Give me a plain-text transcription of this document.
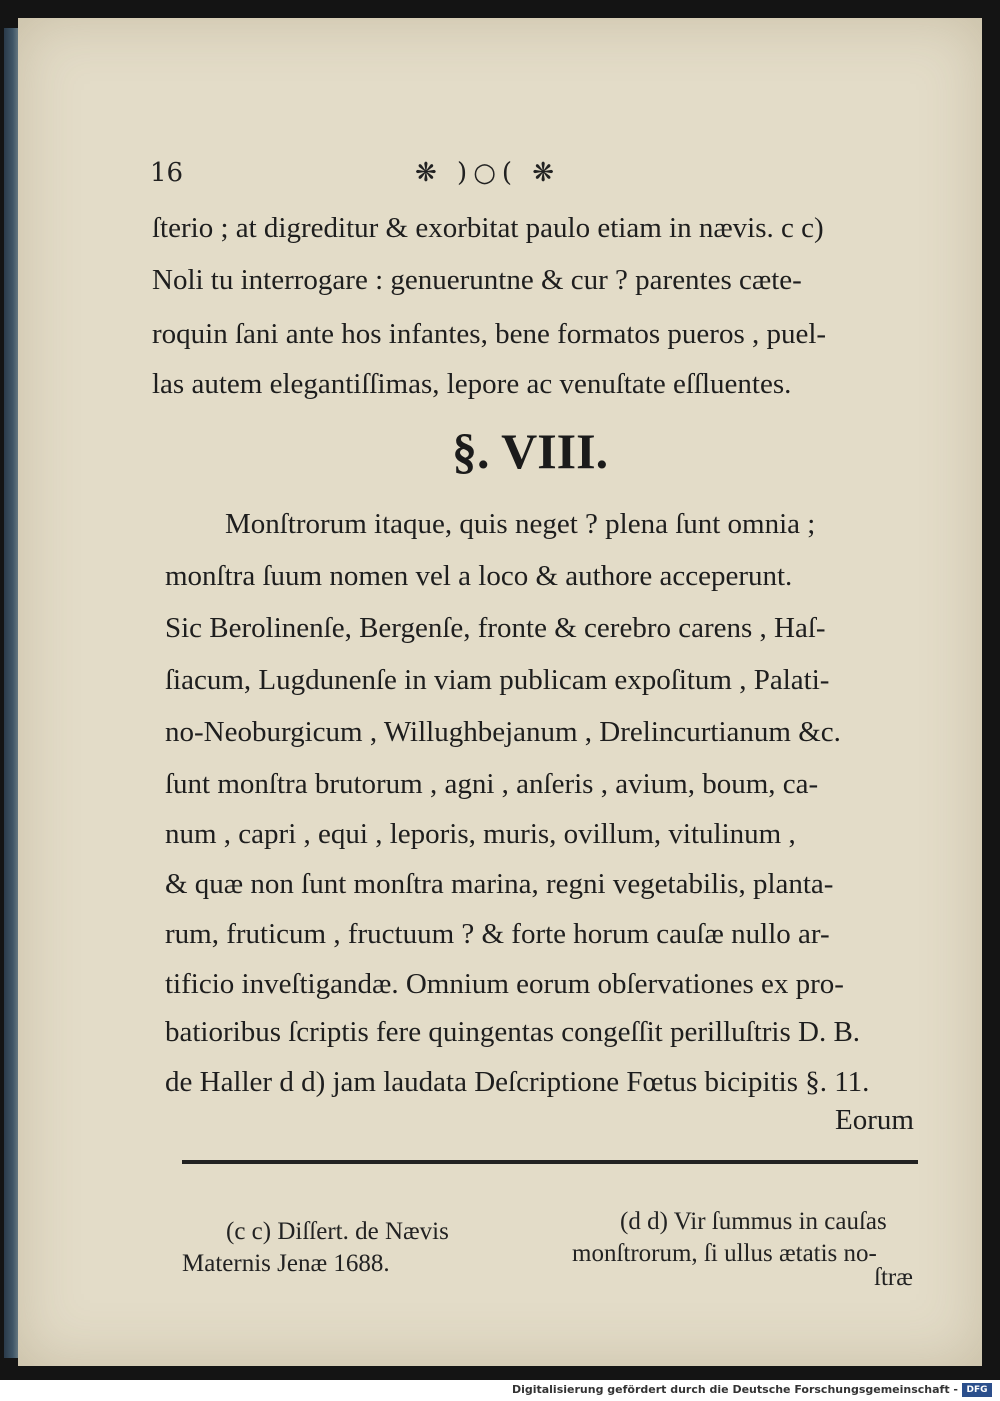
16	❋ )○( ❋
ſterio ; at digreditur & exorbitat paulo etiam in nævis. c c)
Noli tu interrogare : genueruntne & cur ? parentes cæte-
roquin ſani ante hos infantes, bene formatos pueros , puel-
las autem elegantiſſimas, lepore ac venuſtate eſſluentes.
§. VIII.
Monſtrorum itaque, quis neget ? plena ſunt omnia ;
monſtra ſuum nomen vel a loco & authore acceperunt.
Sic Berolinenſe, Bergenſe, fronte & cerebro carens , Haſ-
ſiacum, Lugdunenſe in viam publicam expoſitum , Palati-
no-Neoburgicum , Willughbejanum , Drelincurtianum &c.
ſunt monſtra brutorum , agni , anſeris , avium, boum, ca-
num , capri , equi , leporis, muris, ovillum, vitulinum ,
& quæ non ſunt monſtra marina, regni vegetabilis, planta-
rum, fruticum , fructuum ? & forte horum cauſæ nullo ar-
tificio inveſtigandæ. Omnium eorum obſervationes ex pro-
batioribus ſcriptis fere quingentas congeſſit perilluſtris D. B.
de Haller d d) jam laudata Deſcriptione Fœtus bicipitis §. 11.
Eorum
(c c) Diſſert. de Nævis
Maternis Jenæ 1688.
(d d) Vir ſummus in cauſas
monſtrorum, ſi ullus ætatis no-
ſtræ
Digitalisierung gefördert durch die Deutsche Forschungsgemeinschaft - DFG
